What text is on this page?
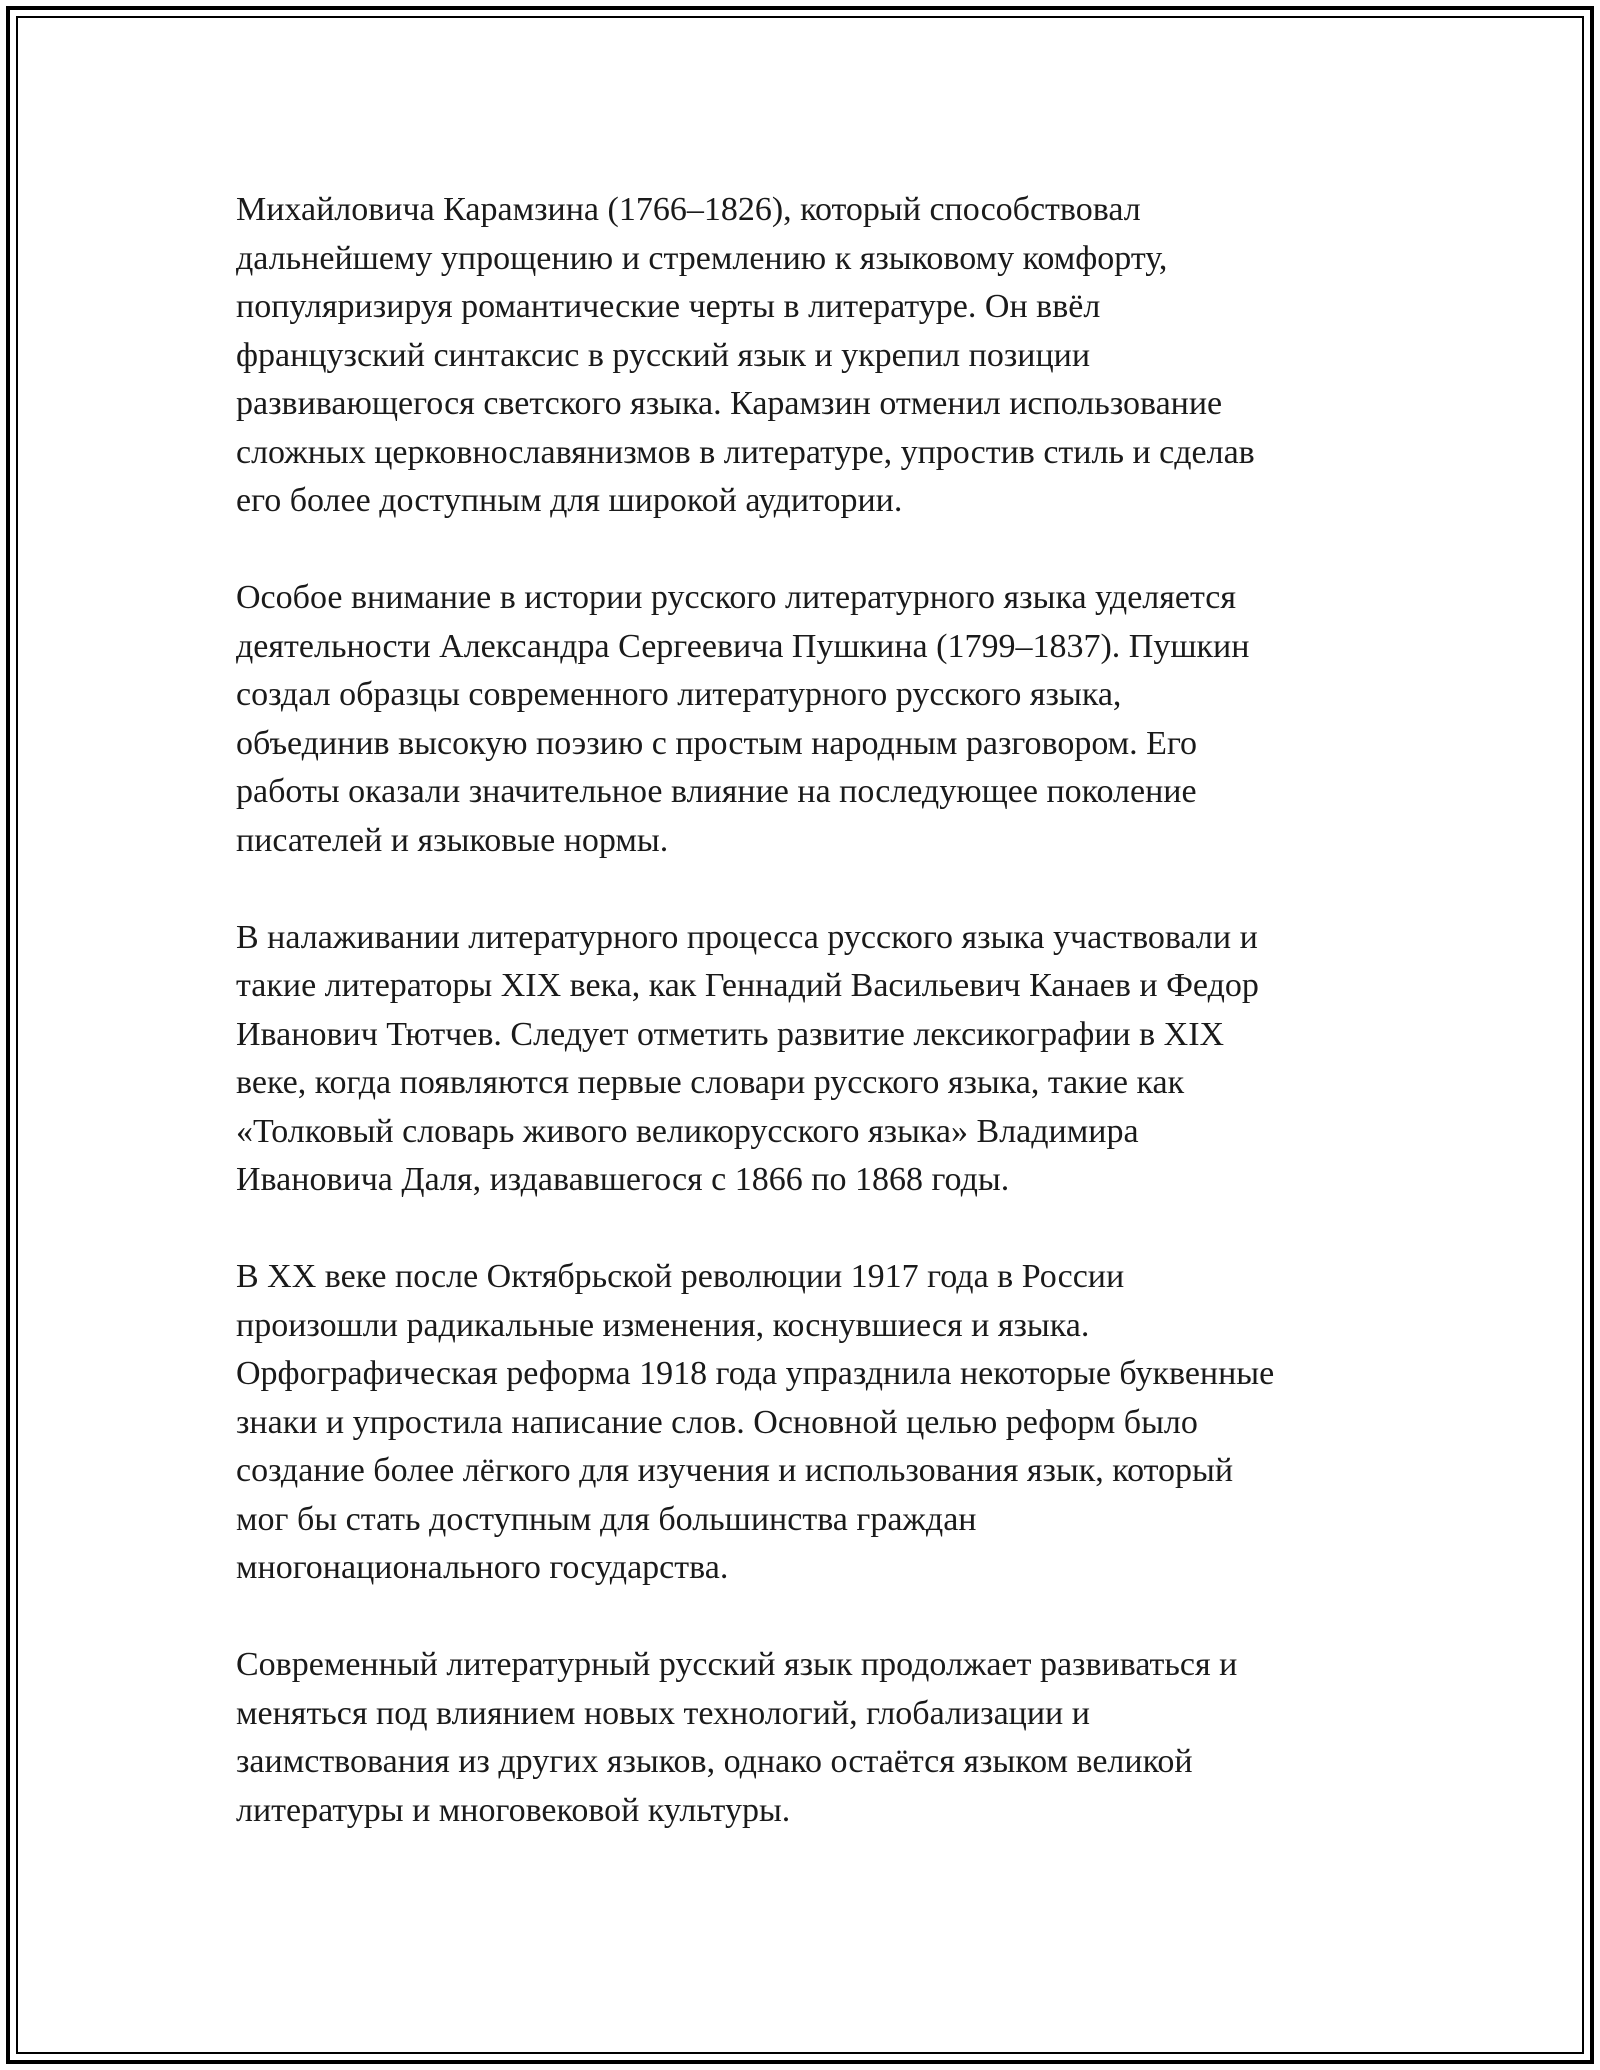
Михайловича Карамзина (1766–1826), который способствовал
дальнейшему упрощению и стремлению к языковому комфорту,
популяризируя романтические черты в литературе. Он ввёл
французский синтаксис в русский язык и укрепил позиции
развивающегося светского языка. Карамзин отменил использование
сложных церковнославянизмов в литературе, упростив стиль и сделав
его более доступным для широкой аудитории.

Особое внимание в истории русского литературного языка уделяется
деятельности Александра Сергеевича Пушкина (1799–1837). Пушкин
создал образцы современного литературного русского языка,
объединив высокую поэзию с простым народным разговором. Его
работы оказали значительное влияние на последующее поколение
писателей и языковые нормы.

В налаживании литературного процесса русского языка участвовали и
такие литераторы XIX века, как Геннадий Васильевич Канаев и Федор
Иванович Тютчев. Следует отметить развитие лексикографии в XIX
веке, когда появляются первые словари русского языка, такие как
«Толковый словарь живого великорусского языка» Владимира
Ивановича Даля, издававшегося с 1866 по 1868 годы.

В XX веке после Октябрьской революции 1917 года в России
произошли радикальные изменения, коснувшиеся и языка.
Орфографическая реформа 1918 года упразднила некоторые буквенные
знаки и упростила написание слов. Основной целью реформ было
создание более лёгкого для изучения и использования язык, который
мог бы стать доступным для большинства граждан
многонационального государства.

Современный литературный русский язык продолжает развиваться и
меняться под влиянием новых технологий, глобализации и
заимствования из других языков, однако остаётся языком великой
литературы и многовековой культуры.
